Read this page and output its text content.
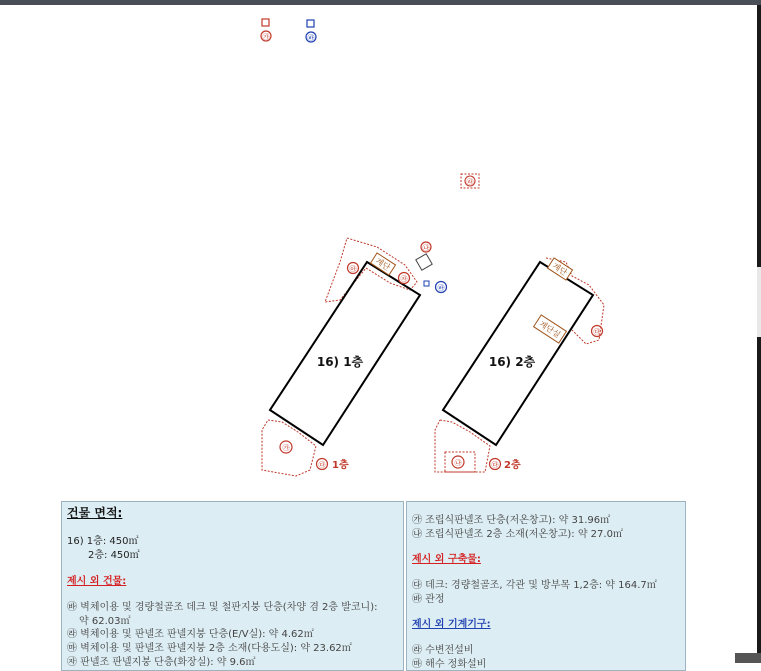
㉮	㉳
㉱
16) 1층
계단
㉵
㉶
㉯
㉳
㉮
㉰ 1층
16) 2층
계단
계단실	㉰
㉯	㉰ 2층
건물 면적:
16) 1층: 450㎡
2층: 450㎡
제시 외 건물:
㉳ 벽체이용 및 경량철골조 데크 및 철판지붕 단층(차양 겸 2층 발코니):
약 62.03㎡
㉱ 벽체이용 및 판넬조 판넬지붕 단층(E/V실): 약 4.62㎡
㉲ 벽체이용 및 판넬조 판넬지붕 2층 소재(다용도실): 약 23.62㎡
㉶ 판넬조 판넬지붕 단층(화장실): 약 9.6㎡
㉮ 조립식판넬조 단층(저온창고): 약 31.96㎡
㉯ 조립식판넬조 2층 소재(저온창고): 약 27.0㎡
제시 외 구축물:
㉰ 데크: 경량철골조, 각관 및 방부목 1,2층: 약 164.7㎡
㉳ 관정
제시 외 기계기구:
㉱ 수변전설비
㉲ 해수 정화설비
